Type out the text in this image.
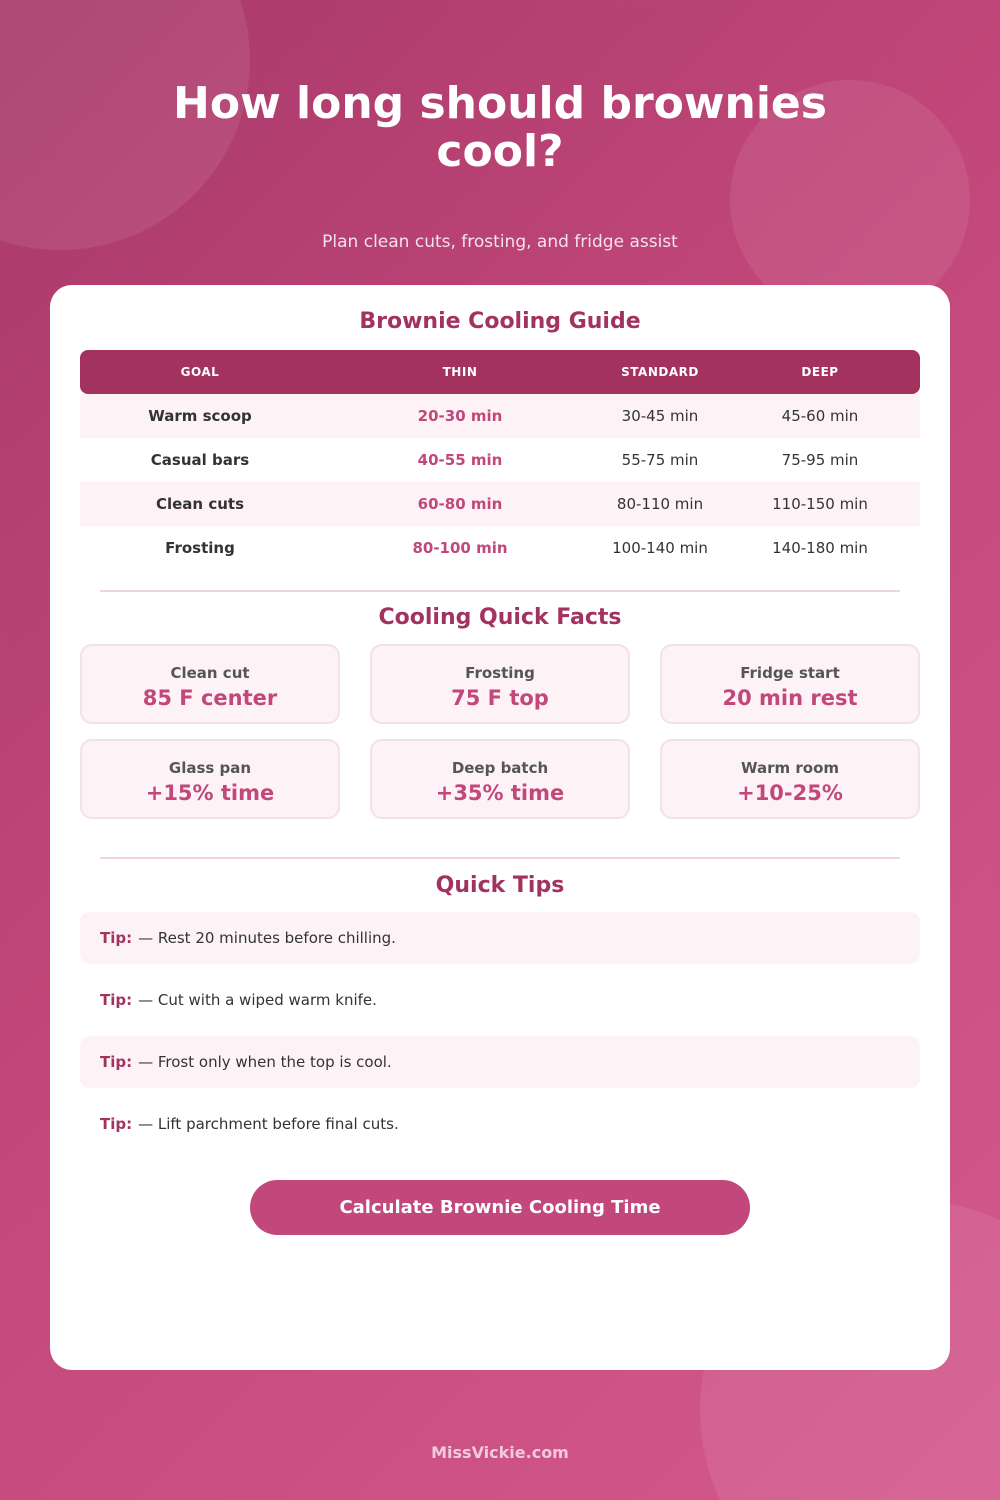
How long should brownies cool?

Plan clean cuts, frosting, and fridge assist

Brownie Cooling Guide
GOAL	THIN	STANDARD	DEEP
Warm scoop	20-30 min	30-45 min	45-60 min
Casual bars	40-55 min	55-75 min	75-95 min
Clean cuts	60-80 min	80-110 min	110-150 min
Frosting	80-100 min	100-140 min	140-180 min
Cooling Quick Facts
Clean cut
85 F center
Frosting
75 F top
Fridge start
20 min rest
Glass pan
+15% time
Deep batch
+35% time
Warm room
+10-25%
Quick Tips
Tip: — Rest 20 minutes before chilling.
Tip: — Cut with a wiped warm knife.
Tip: — Frost only when the top is cool.
Tip: — Lift parchment before final cuts.
Calculate Brownie Cooling Time
MissVickie.com
